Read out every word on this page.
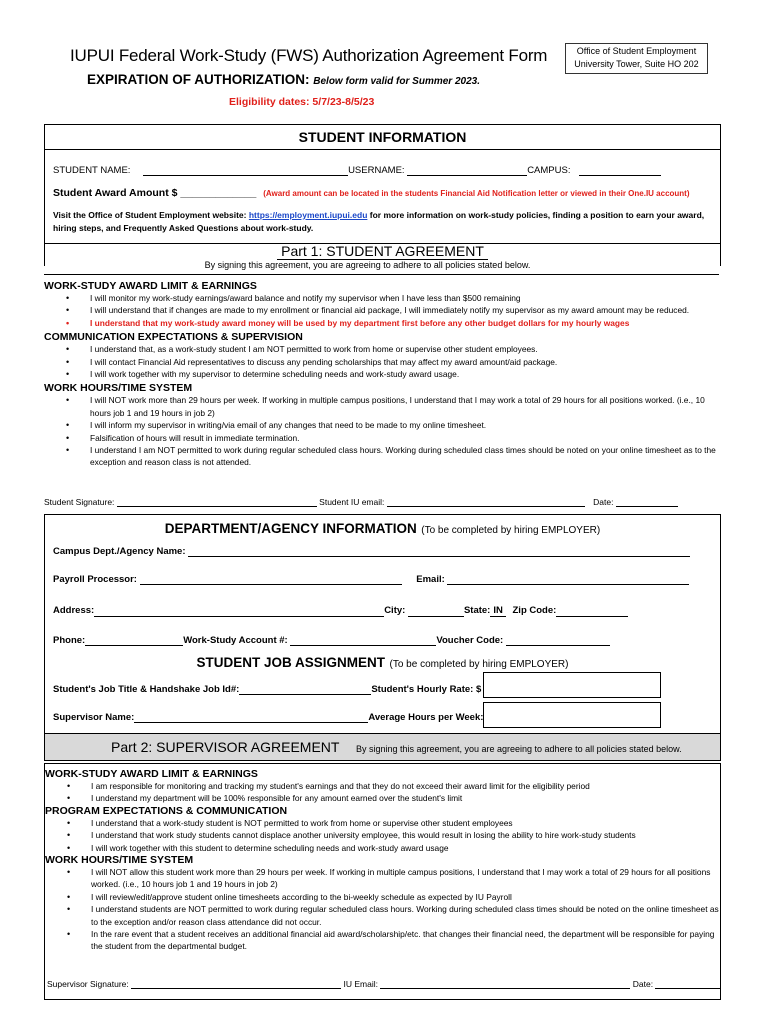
IUPUI Federal Work-Study (FWS) Authorization Agreement Form	Office of Student Employment
University Tower, Suite HO 202
EXPIRATION OF AUTHORIZATION: Below form valid for Summer 2023.
Eligibility dates: 5/7/23-8/5/23
STUDENT INFORMATION
STUDENT NAME:	USERNAME:	CAMPUS:
Student Award Amount $ _____________ (Award amount can be located in the students Financial Aid Notification letter or viewed in their One.IU account)
Visit the Office of Student Employment website: https://employment.iupui.edu for more information on work-study policies, finding a position to earn your award, hiring steps, and Frequently Asked Questions about work-study.
Part 1: STUDENT AGREEMENT
By signing this agreement, you are agreeing to adhere to all policies stated below.
WORK-STUDY AWARD LIMIT & EARNINGS
• I will monitor my work-study earnings/award balance and notify my supervisor when I have less than $500 remaining
• I will understand that if changes are made to my enrollment or financial aid package, I will immediately notify my supervisor as my award amount may be reduced.
• I understand that my work-study award money will be used by my department first before any other budget dollars for my hourly wages
COMMUNICATION EXPECTATIONS & SUPERVISION
• I understand that, as a work-study student I am NOT permitted to work from home or supervise other student employees.
• I will contact Financial Aid representatives to discuss any pending scholarships that may affect my award amount/aid package.
• I will work together with my supervisor to determine scheduling needs and work-study award usage.
WORK HOURS/TIME SYSTEM
• I will NOT work more than 29 hours per week. If working in multiple campus positions, I understand that I may work a total of 29 hours for all positions worked. (i.e., 10 hours job 1 and 19 hours in job 2)
• I will inform my supervisor in writing/via email of any changes that need to be made to my online timesheet.
• Falsification of hours will result in immediate termination.
• I understand I am NOT permitted to work during regular scheduled class hours. Working during scheduled class times should be noted on your online timesheet as to the exception and reason class is not attended.
Student Signature:	Student IU email:	Date:
DEPARTMENT/AGENCY INFORMATION (To be completed by hiring EMPLOYER)
Campus Dept./Agency Name:
Payroll Processor:	Email:
Address:	City:	State: IN Zip Code:
Phone:	Work-Study Account #:	Voucher Code:
STUDENT JOB ASSIGNMENT (To be completed by hiring EMPLOYER)
Student's Job Title & Handshake Job Id#:	Student's Hourly Rate: $
Supervisor Name:	Average Hours per Week:
Part 2: SUPERVISOR AGREEMENT By signing this agreement, you are agreeing to adhere to all policies stated below.
WORK-STUDY AWARD LIMIT & EARNINGS
• I am responsible for monitoring and tracking my student's earnings and that they do not exceed their award limit for the eligibility period
• I understand my department will be 100% responsible for any amount earned over the student's limit
PROGRAM EXPECTATIONS & COMMUNICATION
• I understand that a work-study student is NOT permitted to work from home or supervise other student employees
• I understand that work study students cannot displace another university employee, this would result in losing the ability to hire work-study students
• I will work together with this student to determine scheduling needs and work-study award usage
WORK HOURS/TIME SYSTEM
• I will NOT allow this student work more than 29 hours per week. If working in multiple campus positions, I understand that I may work a total of 29 hours for all positions worked. (i.e., 10 hours job 1 and 19 hours in job 2)
• I will review/edit/approve student online timesheets according to the bi-weekly schedule as expected by IU Payroll
• I understand students are NOT permitted to work during regular scheduled class hours. Working during scheduled class times should be noted on the online timesheet as to the exception and/or reason class attendance did not occur.
• In the rare event that a student receives an additional financial aid award/scholarship/etc. that changes their financial need, the department will be responsible for paying the student from the departmental budget.
Supervisor Signature:	IU Email:	Date:
